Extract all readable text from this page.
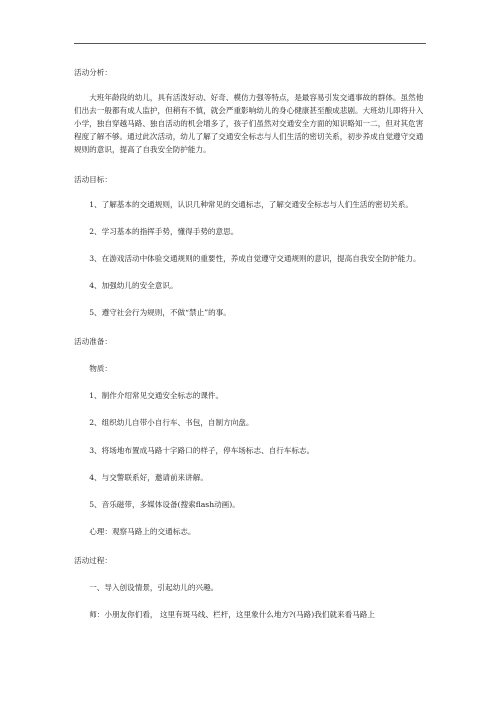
活动分析：

大班年龄段的幼儿，具有活泼好动、好奇、模仿力强等特点，是最容易引发交通事故的群体。虽然他们出去一般都有成人监护，但稍有不慎，就会严重影响幼儿的身心健康甚至酿成悲剧。大班幼儿即将升入小学，独自穿越马路、独自活动的机会增多了，孩子们虽然对交通安全方面的知识略知一二，但对其危害程度了解不够。通过此次活动，幼儿了解了交通安全标志与人们生活的密切关系，初步养成自觉遵守交通规则的意识，提高了自我安全防护能力。

活动目标：

1、了解基本的交通规则，认识几种常见的交通标志，了解交通安全标志与人们生活的密切关系。

2、学习基本的指挥手势，懂得手势的意思。

3、在游戏活动中体验交通规则的重要性，养成自觉遵守交通规则的意识，提高自我安全防护能力。

4、加强幼儿的安全意识。

5、遵守社会行为规则，不做“禁止”的事。

活动准备：

物质：

1、制作介绍常见交通安全标志的课件。

2、组织幼儿自带小自行车、书包，自制方向盘。

3、将场地布置成马路十字路口的样子，停车场标志、自行车标志。

4、与交警联系好，邀请前来讲解。

5、音乐磁带，多媒体设备(搜索flash动画)。

心理：观察马路上的交通标志。

活动过程：

一、导入创设情景，引起幼儿的兴趣。

师：小朋友你们看， 这里有斑马线、栏杆，这里象什么地方?(马路)我们就来看马路上
